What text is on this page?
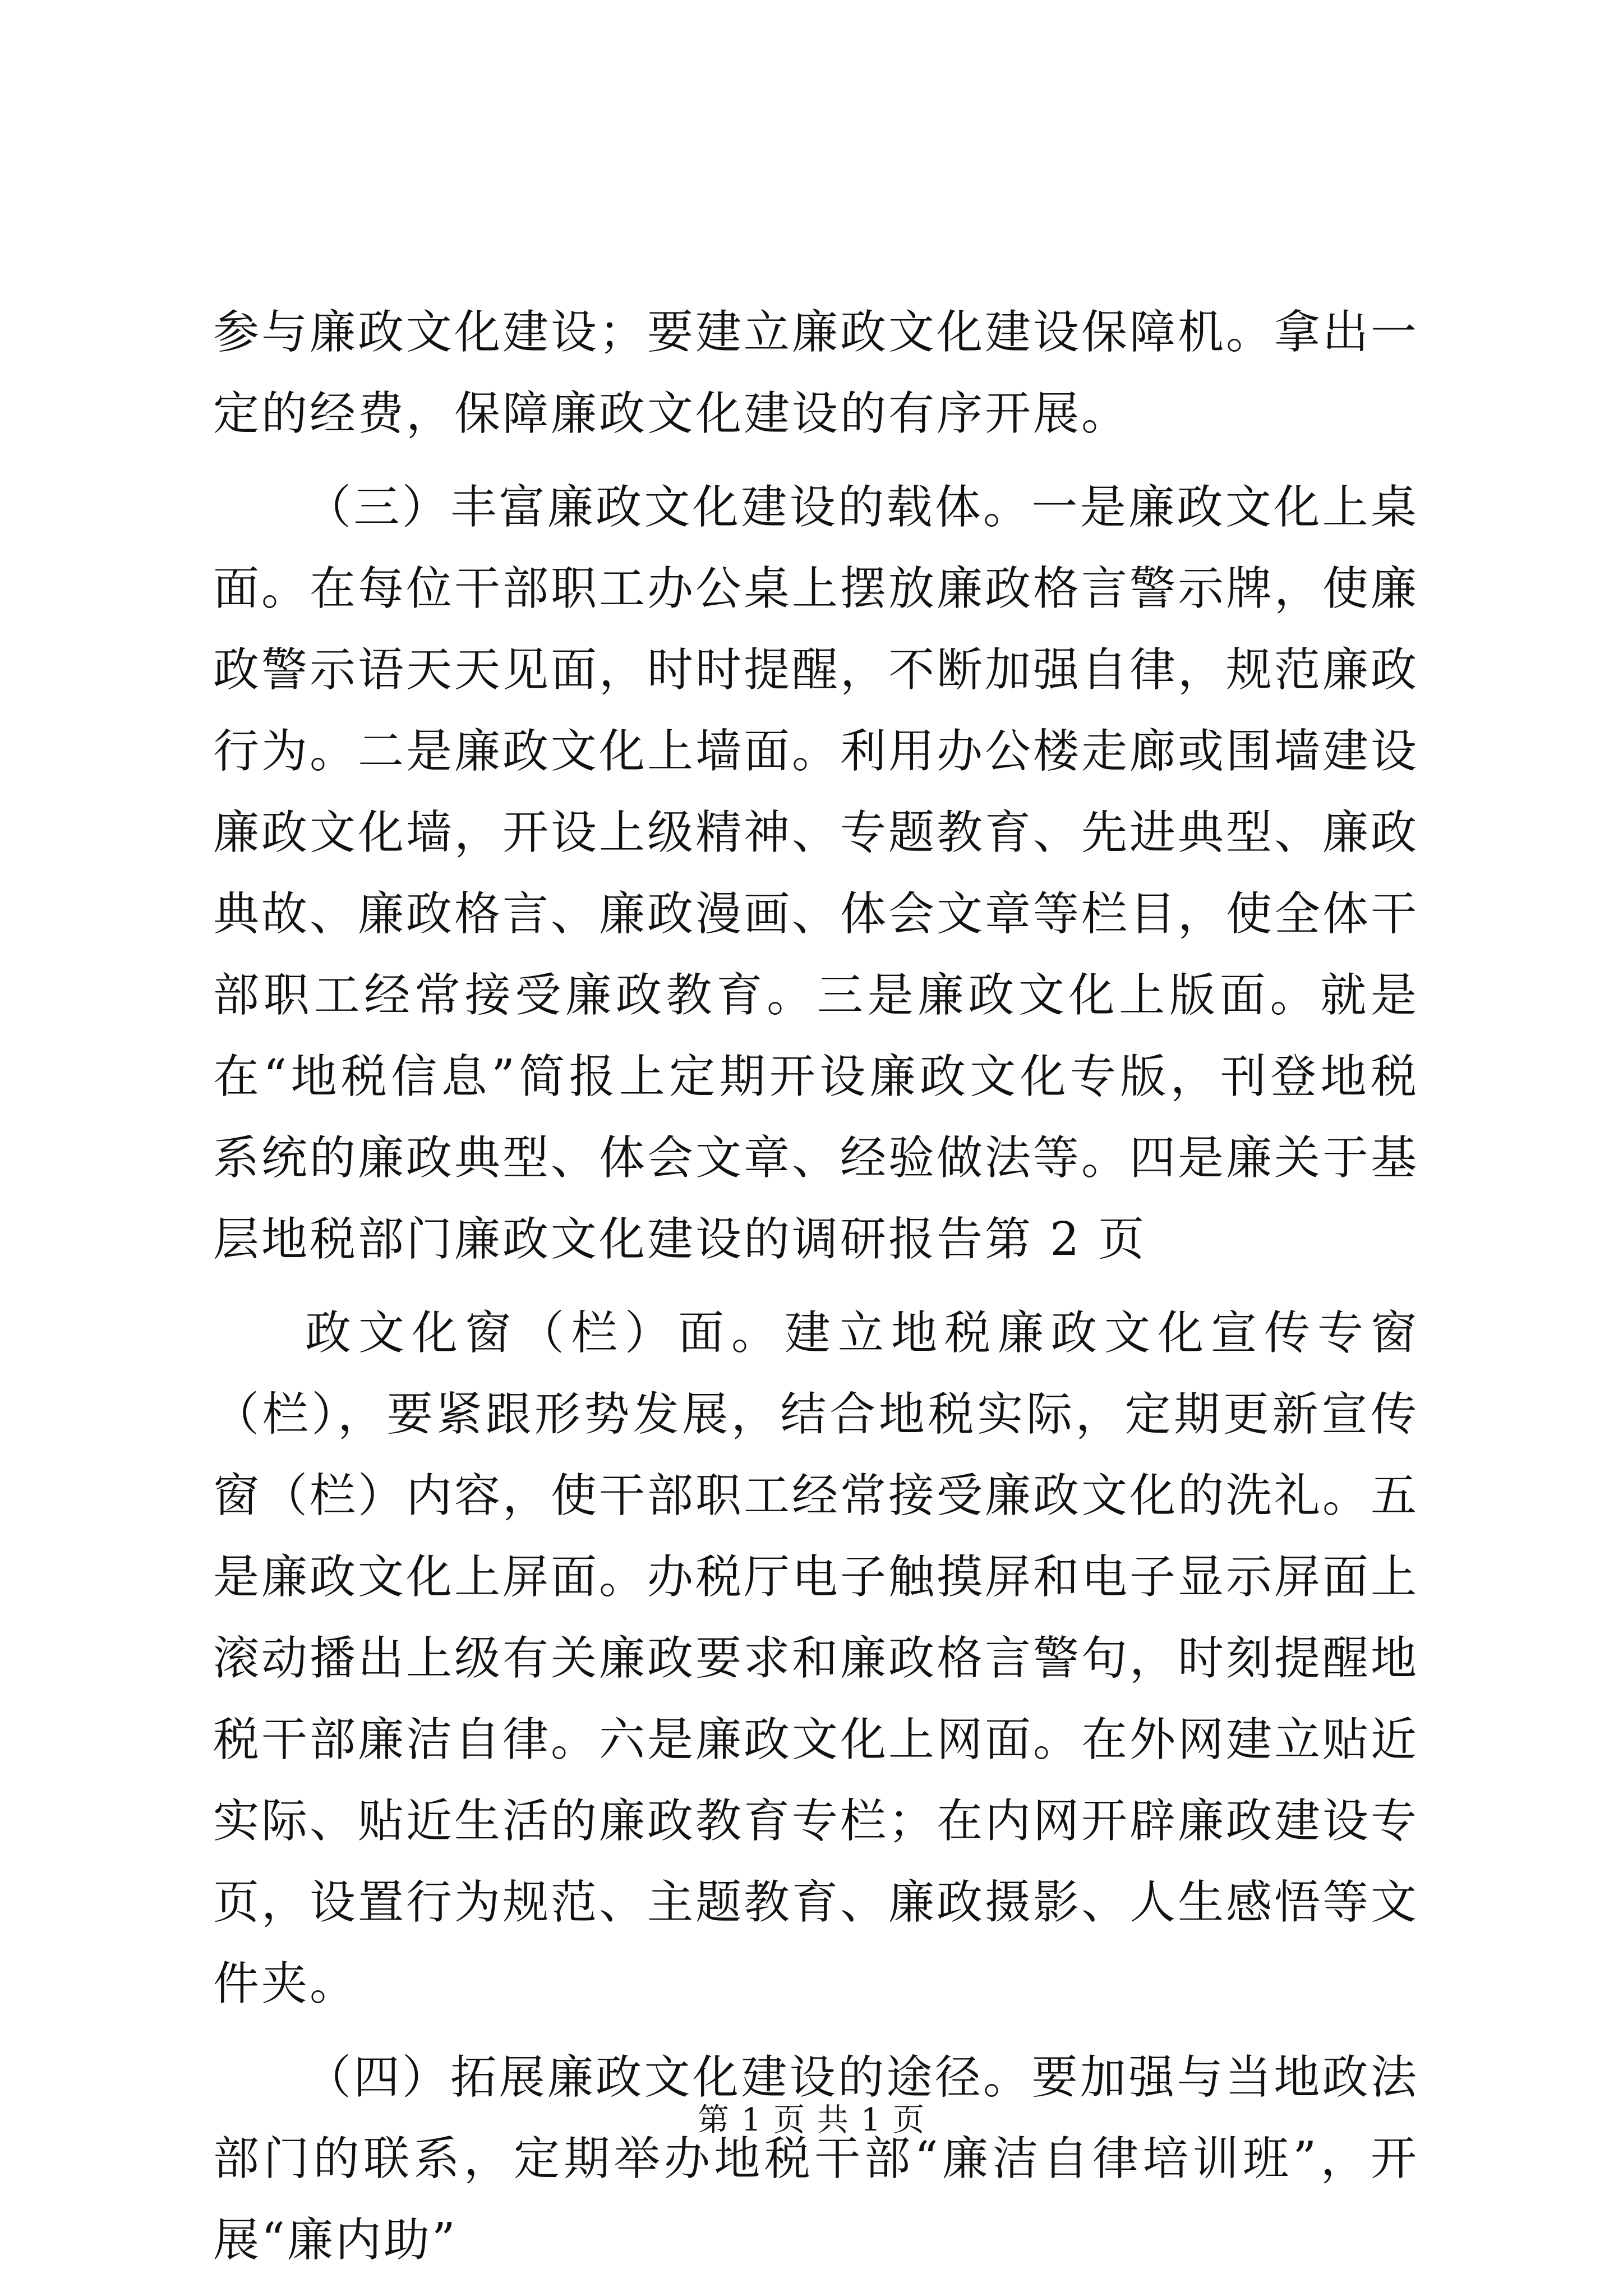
参与廉政文化建设；要建立廉政文化建设保障机。拿出一定的经费，保障廉政文化建设的有序开展。

（三）丰富廉政文化建设的载体。一是廉政文化上桌面。在每位干部职工办公桌上摆放廉政格言警示牌，使廉政警示语天天见面，时时提醒，不断加强自律，规范廉政行为。二是廉政文化上墙面。利用办公楼走廊或围墙建设廉政文化墙，开设上级精神、专题教育、先进典型、廉政典故、廉政格言、廉政漫画、体会文章等栏目，使全体干部职工经常接受廉政教育。三是廉政文化上版面。就是在“地税信息”简报上定期开设廉政文化专版，刊登地税系统的廉政典型、体会文章、经验做法等。四是廉关于基层地税部门廉政文化建设的调研报告第 2 页

政文化窗（栏）面。建立地税廉政文化宣传专窗（栏），要紧跟形势发展，结合地税实际，定期更新宣传窗（栏）内容，使干部职工经常接受廉政文化的洗礼。五是廉政文化上屏面。办税厅电子触摸屏和电子显示屏面上滚动播出上级有关廉政要求和廉政格言警句，时刻提醒地税干部廉洁自律。六是廉政文化上网面。在外网建立贴近实际、贴近生活的廉政教育专栏；在内网开辟廉政建设专页，设置行为规范、主题教育、廉政摄影、人生感悟等文件夹。

（四）拓展廉政文化建设的途径。要加强与当地政法部门的联系，定期举办地税干部“廉洁自律培训班”，开展“廉内助”

第 1 页 共 1 页
